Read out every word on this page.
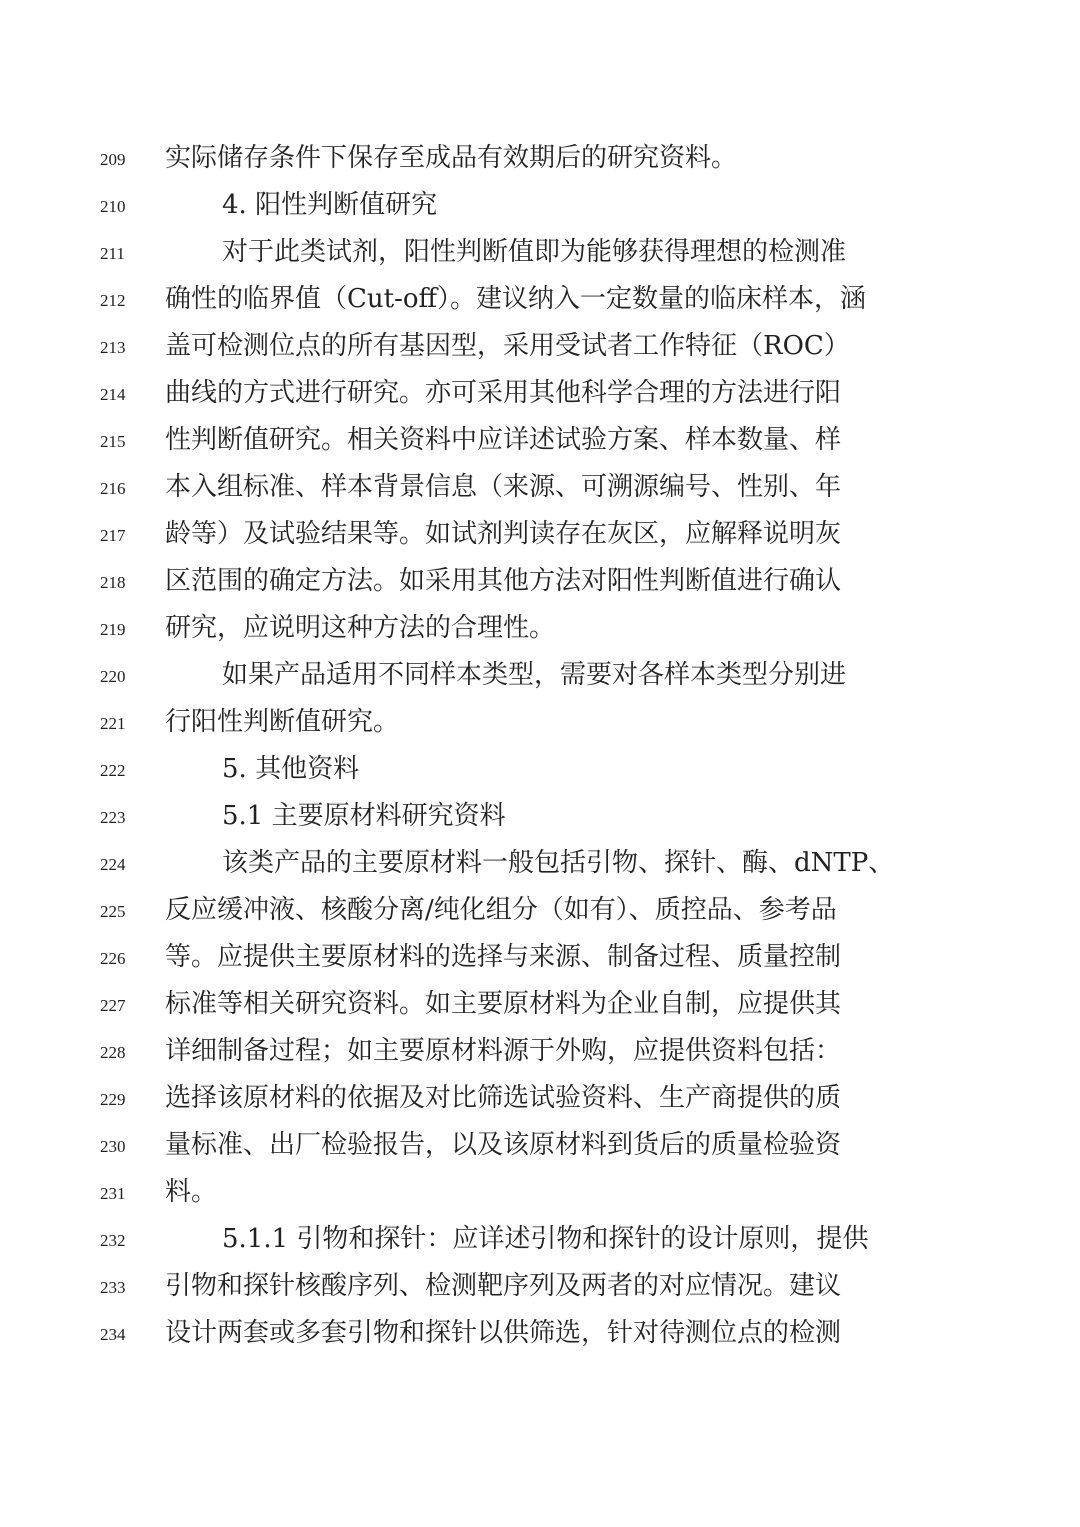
209	实际储存条件下保存至成品有效期后的研究资料。
210	4. 阳性判断值研究
211	对于此类试剂，阳性判断值即为能够获得理想的检测准
212	确性的临界值（Cut-off）。建议纳入一定数量的临床样本，涵
213	盖可检测位点的所有基因型，采用受试者工作特征（ROC）
214	曲线的方式进行研究。亦可采用其他科学合理的方法进行阳
215	性判断值研究。相关资料中应详述试验方案、样本数量、样
216	本入组标准、样本背景信息（来源、可溯源编号、性别、年
217	龄等）及试验结果等。如试剂判读存在灰区，应解释说明灰
218	区范围的确定方法。如采用其他方法对阳性判断值进行确认
219	研究，应说明这种方法的合理性。
220	如果产品适用不同样本类型，需要对各样本类型分别进
221	行阳性判断值研究。
222	5. 其他资料
223	5.1 主要原材料研究资料
224	该类产品的主要原材料一般包括引物、探针、酶、dNTP、
225	反应缓冲液、核酸分离/纯化组分（如有）、质控品、参考品
226	等。应提供主要原材料的选择与来源、制备过程、质量控制
227	标准等相关研究资料。如主要原材料为企业自制，应提供其
228	详细制备过程；如主要原材料源于外购，应提供资料包括：
229	选择该原材料的依据及对比筛选试验资料、生产商提供的质
230	量标准、出厂检验报告，以及该原材料到货后的质量检验资
231	料。
232	5.1.1 引物和探针：应详述引物和探针的设计原则，提供
233	引物和探针核酸序列、检测靶序列及两者的对应情况。建议
234	设计两套或多套引物和探针以供筛选，针对待测位点的检测
